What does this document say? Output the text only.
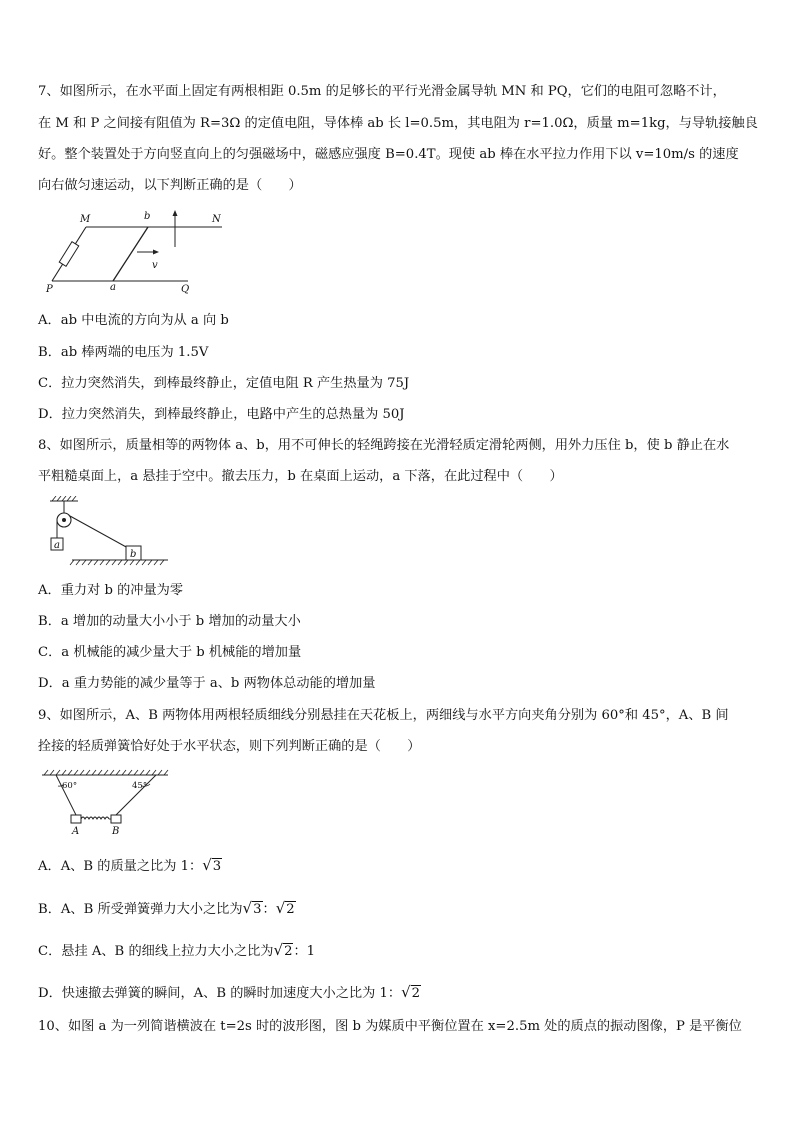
7、如图所示，在水平面上固定有两根相距 0.5m 的足够长的平行光滑金属导轨 MN 和 PQ，它们的电阻可忽略不计，
在 M 和 P 之间接有阻值为 R=3Ω 的定值电阻，导体棒 ab 长 l=0.5m，其电阻为 r=1.0Ω，质量 m=1kg，与导轨接触良
好。整个装置处于方向竖直向上的匀强磁场中，磁感应强度 B=0.4T。现使 ab 棒在水平拉力作用下以 v=10m/s 的速度
向右做匀速运动，以下判断正确的是（　　）
M	b	N
v
P	a	Q
A．ab 中电流的方向为从 a 向 b
B．ab 棒两端的电压为 1.5V
C．拉力突然消失，到棒最终静止，定值电阻 R 产生热量为 75J
D．拉力突然消失，到棒最终静止，电路中产生的总热量为 50J
8、如图所示，质量相等的两物体 a、b，用不可伸长的轻绳跨接在光滑轻质定滑轮两侧，用外力压住 b，使 b 静止在水
平粗糙桌面上，a 悬挂于空中。撤去压力，b 在桌面上运动，a 下落，在此过程中（　　）
a
b
A．重力对 b 的冲量为零
B．a 增加的动量大小小于 b 增加的动量大小
C．a 机械能的减少量大于 b 机械能的增加量
D．a 重力势能的减少量等于 a、b 两物体总动能的增加量
9、如图所示，A、B 两物体用两根轻质细线分别悬挂在天花板上，两细线与水平方向夹角分别为 60°和 45°，A、B 间
拴接的轻质弹簧恰好处于水平状态，则下列判断正确的是（　　）
60°	45°
A	B
A．A、B 的质量之比为 1：√3
B．A、B 所受弹簧弹力大小之比为√3：√2
C．悬挂 A、B 的细线上拉力大小之比为√2：1
D．快速撤去弹簧的瞬间，A、B 的瞬时加速度大小之比为 1：√2
10、如图 a 为一列简谐横波在 t=2s 时的波形图，图 b 为媒质中平衡位置在 x=2.5m 处的质点的振动图像，P 是平衡位
